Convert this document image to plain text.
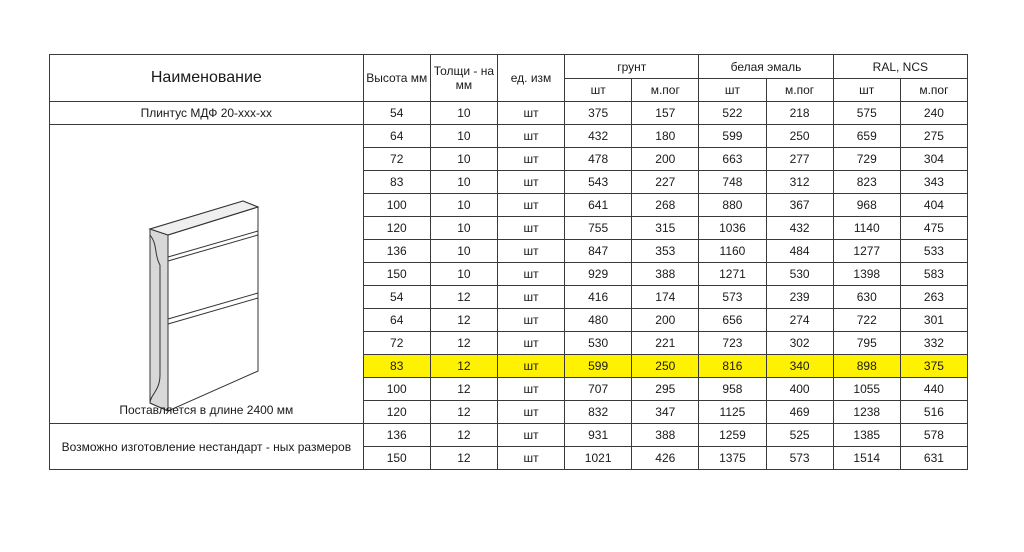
Наименование	Высота мм	Толщи - на мм	ед. изм	грунт		белая эмаль		RAL, NCS	
				шт	м.пог	шт	м.пог	шт	м.пог
Плинтус МДФ 20-ххх-хх	54	10	шт	375	157	522	218	575	240

Поставляется в длине 2400 мм	64	10	шт	432	180	599	250	659	275
	72	10	шт	478	200	663	277	729	304
	83	10	шт	543	227	748	312	823	343
	100	10	шт	641	268	880	367	968	404
	120	10	шт	755	315	1036	432	1140	475
	136	10	шт	847	353	1160	484	1277	533
	150	10	шт	929	388	1271	530	1398	583
	54	12	шт	416	174	573	239	630	263
	64	12	шт	480	200	656	274	722	301
	72	12	шт	530	221	723	302	795	332
	83	12	шт	599	250	816	340	898	375
	100	12	шт	707	295	958	400	1055	440
	120	12	шт	832	347	1125	469	1238	516
Возможно изготовление нестандарт - ных размеров	136	12	шт	931	388	1259	525	1385	578
	150	12	шт	1021	426	1375	573	1514	631
